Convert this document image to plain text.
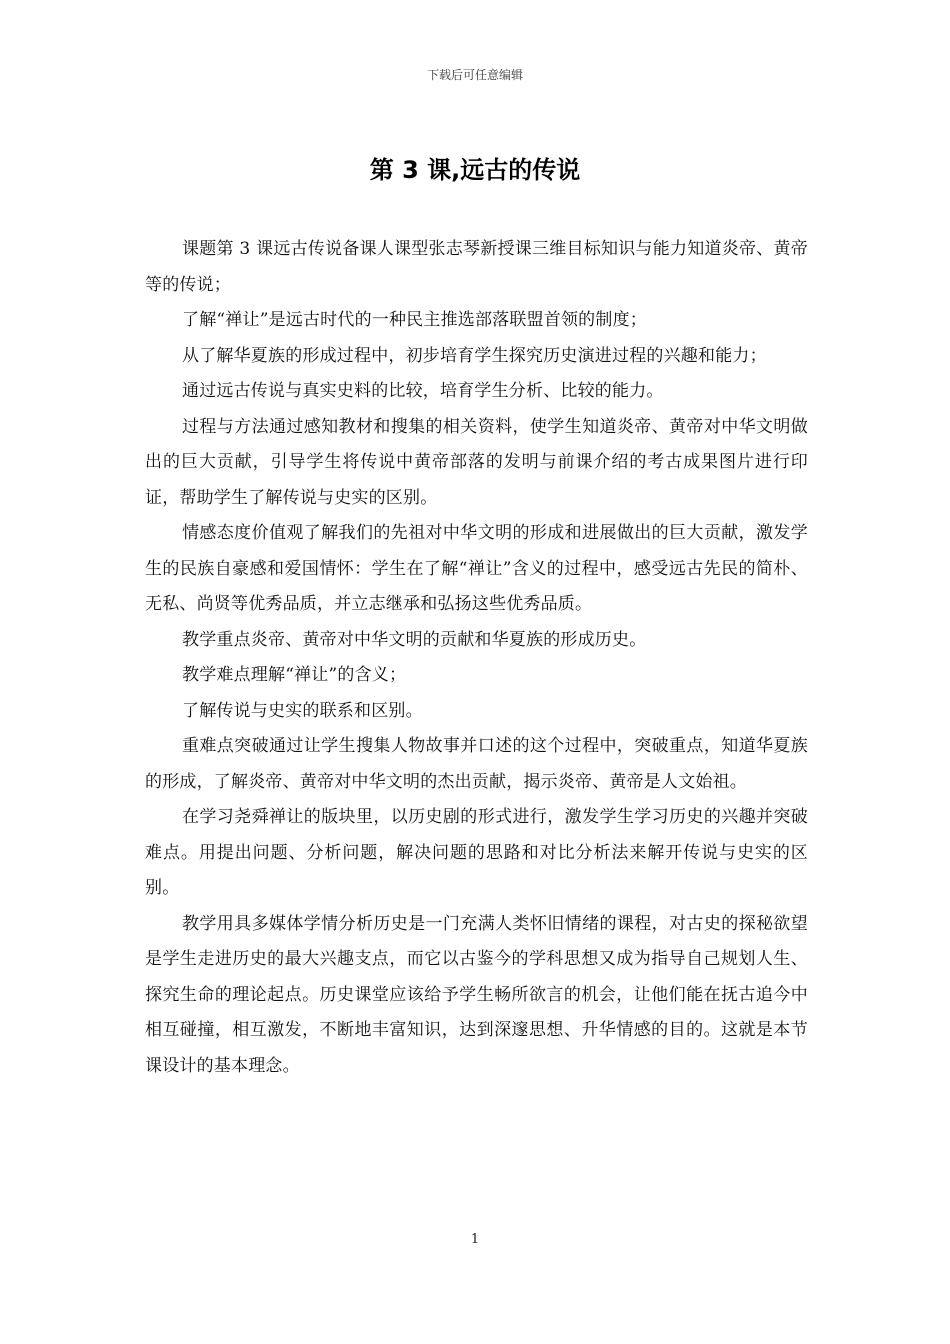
下载后可任意编辑
第 3 课,远古的传说

课题第 3 课远古传说备课人课型张志琴新授课三维目标知识与能力知道炎帝、黄帝等的传说；

了解“禅让”是远古时代的一种民主推选部落联盟首领的制度；

从了解华夏族的形成过程中，初步培育学生探究历史演进过程的兴趣和能力；

通过远古传说与真实史料的比较，培育学生分析、比较的能力。

过程与方法通过感知教材和搜集的相关资料，使学生知道炎帝、黄帝对中华文明做出的巨大贡献，引导学生将传说中黄帝部落的发明与前课介绍的考古成果图片进行印证，帮助学生了解传说与史实的区别。

情感态度价值观了解我们的先祖对中华文明的形成和进展做出的巨大贡献，激发学生的民族自豪感和爱国情怀：学生在了解“禅让”含义的过程中，感受远古先民的简朴、无私、尚贤等优秀品质，并立志继承和弘扬这些优秀品质。

教学重点炎帝、黄帝对中华文明的贡献和华夏族的形成历史。

教学难点理解“禅让”的含义；

了解传说与史实的联系和区别。

重难点突破通过让学生搜集人物故事并口述的这个过程中，突破重点，知道华夏族的形成，了解炎帝、黄帝对中华文明的杰出贡献，揭示炎帝、黄帝是人文始祖。

在学习尧舜禅让的版块里，以历史剧的形式进行，激发学生学习历史的兴趣并突破难点。用提出问题、分析问题，解决问题的思路和对比分析法来解开传说与史实的区别。

教学用具多媒体学情分析历史是一门充满人类怀旧情绪的课程，对古史的探秘欲望是学生走进历史的最大兴趣支点，而它以古鉴今的学科思想又成为指导自己规划人生、探究生命的理论起点。历史课堂应该给予学生畅所欲言的机会，让他们能在抚古追今中相互碰撞，相互激发，不断地丰富知识，达到深邃思想、升华情感的目的。这就是本节课设计的基本理念。

1
